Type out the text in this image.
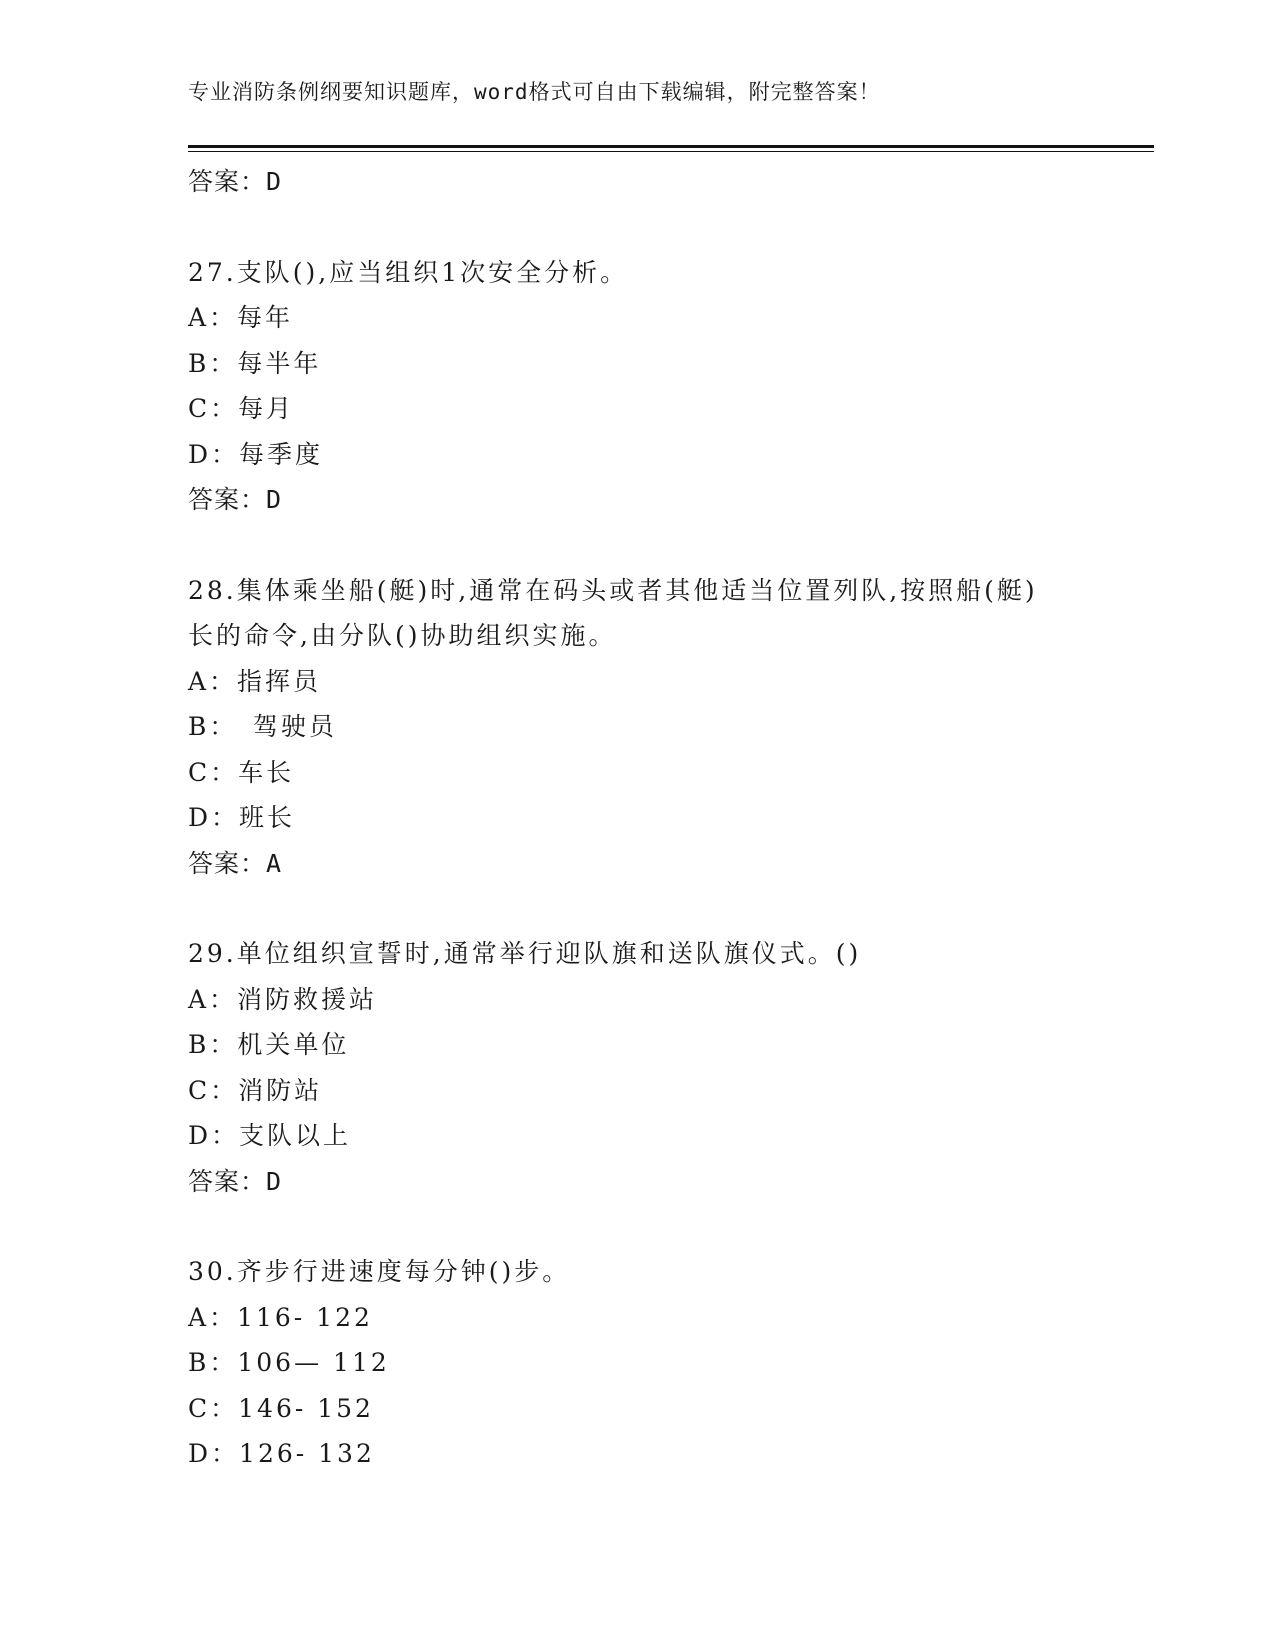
专业消防条例纲要知识题库，word格式可自由下载编辑，附完整答案！
答案：D
27.支队(),应当组织1次安全分析。
A：每年
B：每半年
C：每月
D：每季度
答案：D
28.集体乘坐船(艇)时,通常在码头或者其他适当位置列队,按照船(艇)
长的命令,由分队()协助组织实施。
A：指挥员
B：　驾驶员
C：车长
D：班长
答案：A
29.单位组织宣誓时,通常举行迎队旗和送队旗仪式。()
A：消防救援站
B：机关单位
C：消防站
D：支队以上
答案：D
30.齐步行进速度每分钟()步。
A：116- 122
B：106— 112
C：146- 152
D：126- 132
